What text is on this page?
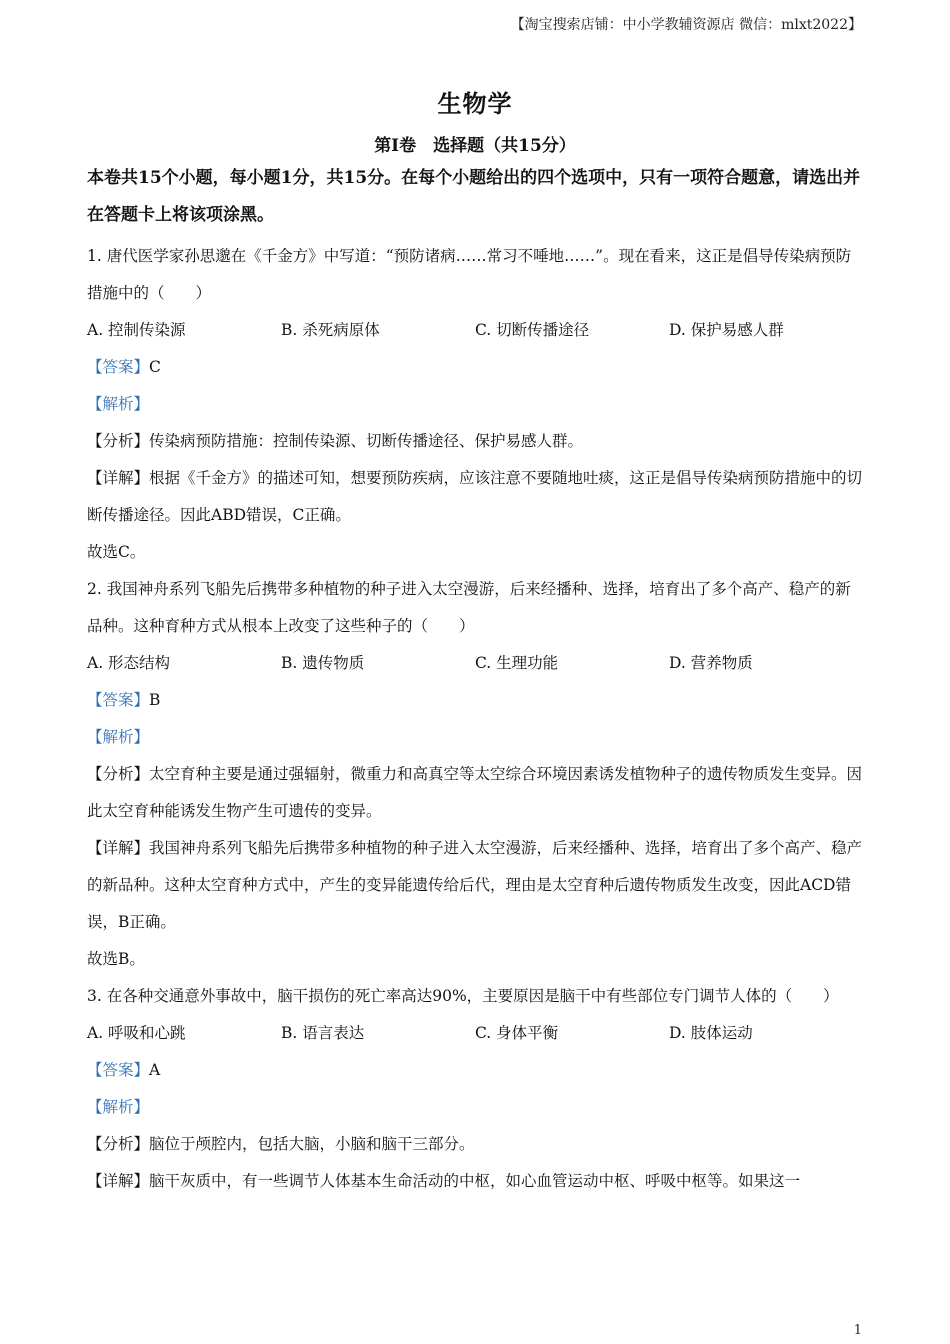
【淘宝搜索店铺：中小学教辅资源店 微信：mlxt2022】
生物学
第Ⅰ卷　选择题（共15分）

本卷共15个小题，每小题1分，共15分。在每个小题给出的四个选项中，只有一项符合题意，请选出并在答题卡上将该项涂黑。

1. 唐代医学家孙思邈在《千金方》中写道：“预防诸病……常习不唾地……”。现在看来，这正是倡导传染病预防措施中的（　　）

A. 控制传染源	B. 杀死病原体	C. 切断传播途径	D. 保护易感人群

【答案】C

【解析】

【分析】传染病预防措施：控制传染源、切断传播途径、保护易感人群。

【详解】根据《千金方》的描述可知，想要预防疾病，应该注意不要随地吐痰，这正是倡导传染病预防措施中的切断传播途径。因此ABD错误，C正确。

故选C。

2. 我国神舟系列飞船先后携带多种植物的种子进入太空漫游，后来经播种、选择，培育出了多个高产、稳产的新品种。这种育种方式从根本上改变了这些种子的（　　）

A. 形态结构	B. 遗传物质	C. 生理功能	D. 营养物质

【答案】B

【解析】

【分析】太空育种主要是通过强辐射，微重力和高真空等太空综合环境因素诱发植物种子的遗传物质发生变异。因此太空育种能诱发生物产生可遗传的变异。

【详解】我国神舟系列飞船先后携带多种植物的种子进入太空漫游，后来经播种、选择，培育出了多个高产、稳产的新品种。这种太空育种方式中，产生的变异能遗传给后代，理由是太空育种后遗传物质发生改变，因此ACD错误，B正确。

故选B。

3. 在各种交通意外事故中，脑干损伤的死亡率高达90%，主要原因是脑干中有些部位专门调节人体的（　　）

A. 呼吸和心跳	B. 语言表达	C. 身体平衡	D. 肢体运动

【答案】A

【解析】

【分析】脑位于颅腔内，包括大脑，小脑和脑干三部分。

【详解】脑干灰质中，有一些调节人体基本生命活动的中枢，如心血管运动中枢、呼吸中枢等。如果这一

1
